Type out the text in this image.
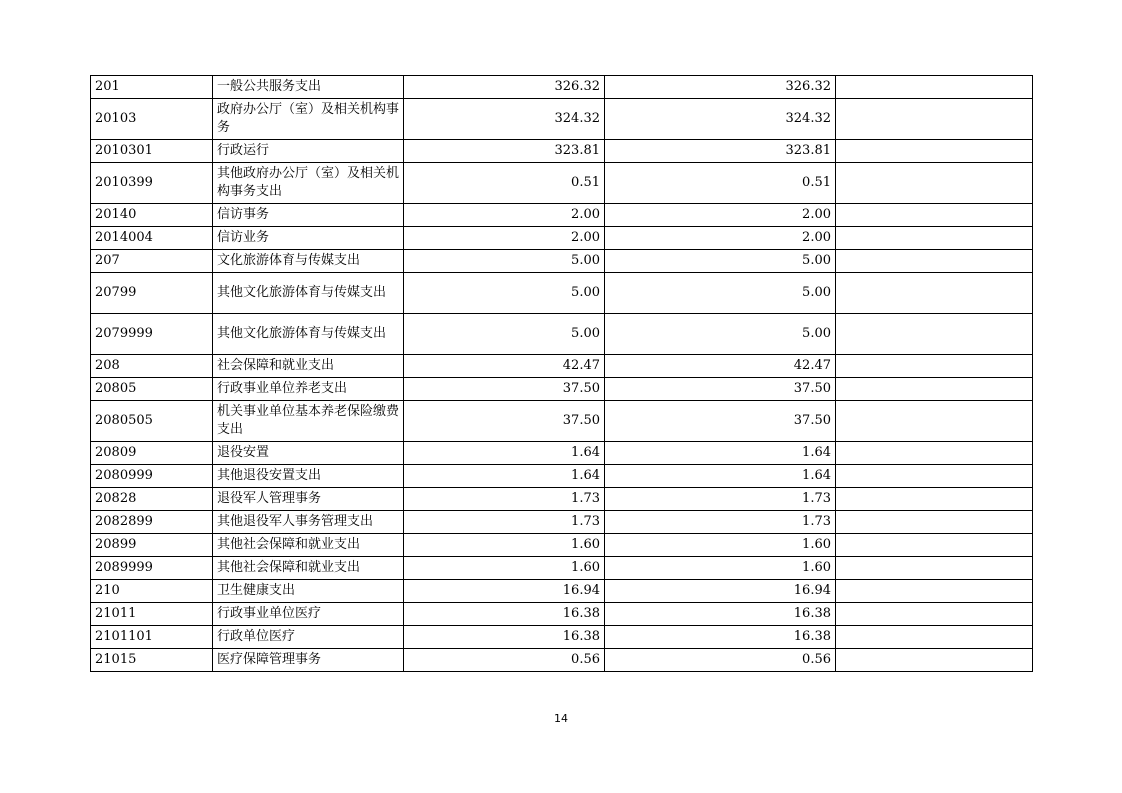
201	一般公共服务支出	326.32	326.32	
20103	政府办公厅（室）及相关机构事务	324.32	324.32	
2010301	行政运行	323.81	323.81	
2010399	其他政府办公厅（室）及相关机构事务支出	0.51	0.51	
20140	信访事务	2.00	2.00	
2014004	信访业务	2.00	2.00	
207	文化旅游体育与传媒支出	5.00	5.00	
20799	其他文化旅游体育与传媒支出	5.00	5.00	
2079999	其他文化旅游体育与传媒支出	5.00	5.00	
208	社会保障和就业支出	42.47	42.47	
20805	行政事业单位养老支出	37.50	37.50	
2080505	机关事业单位基本养老保险缴费支出	37.50	37.50	
20809	退役安置	1.64	1.64	
2080999	其他退役安置支出	1.64	1.64	
20828	退役军人管理事务	1.73	1.73	
2082899	其他退役军人事务管理支出	1.73	1.73	
20899	其他社会保障和就业支出	1.60	1.60	
2089999	其他社会保障和就业支出	1.60	1.60	
210	卫生健康支出	16.94	16.94	
21011	行政事业单位医疗	16.38	16.38	
2101101	行政单位医疗	16.38	16.38	
21015	医疗保障管理事务	0.56	0.56	
14
